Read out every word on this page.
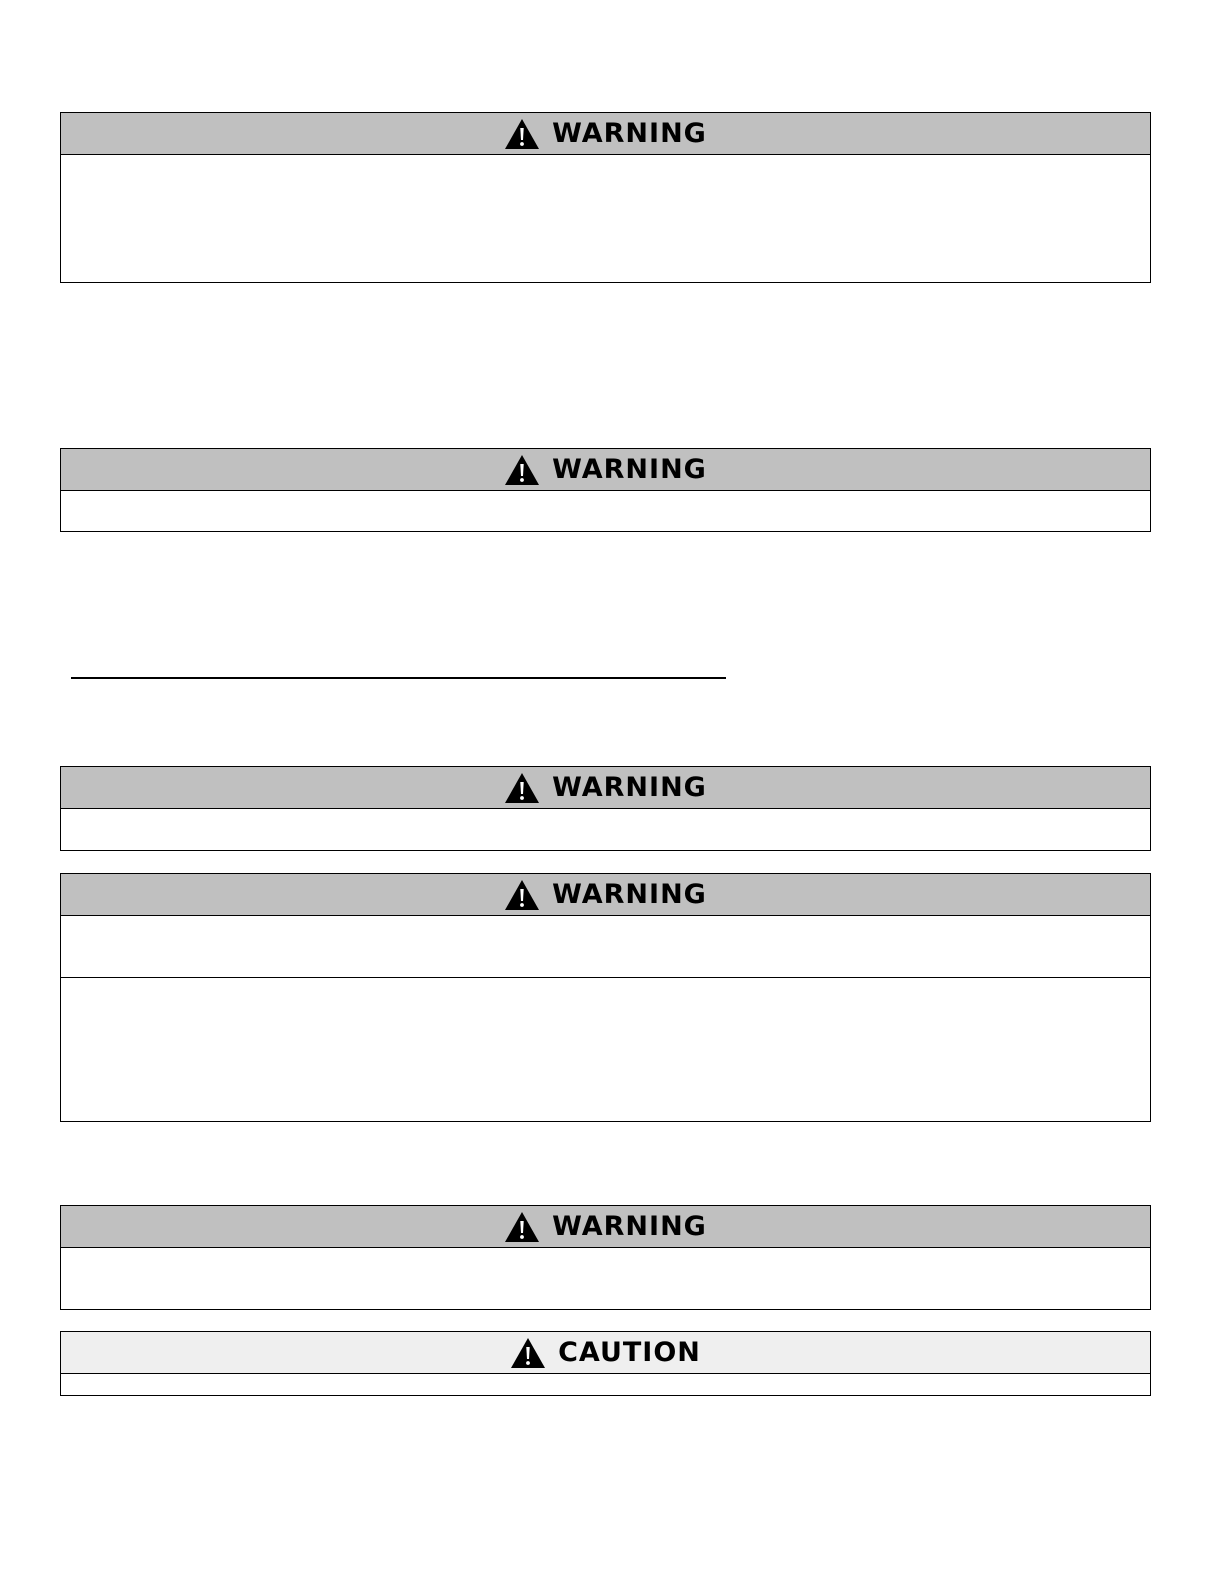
WARNING
WARNING
WARNING
WARNING
WARNING
CAUTION
